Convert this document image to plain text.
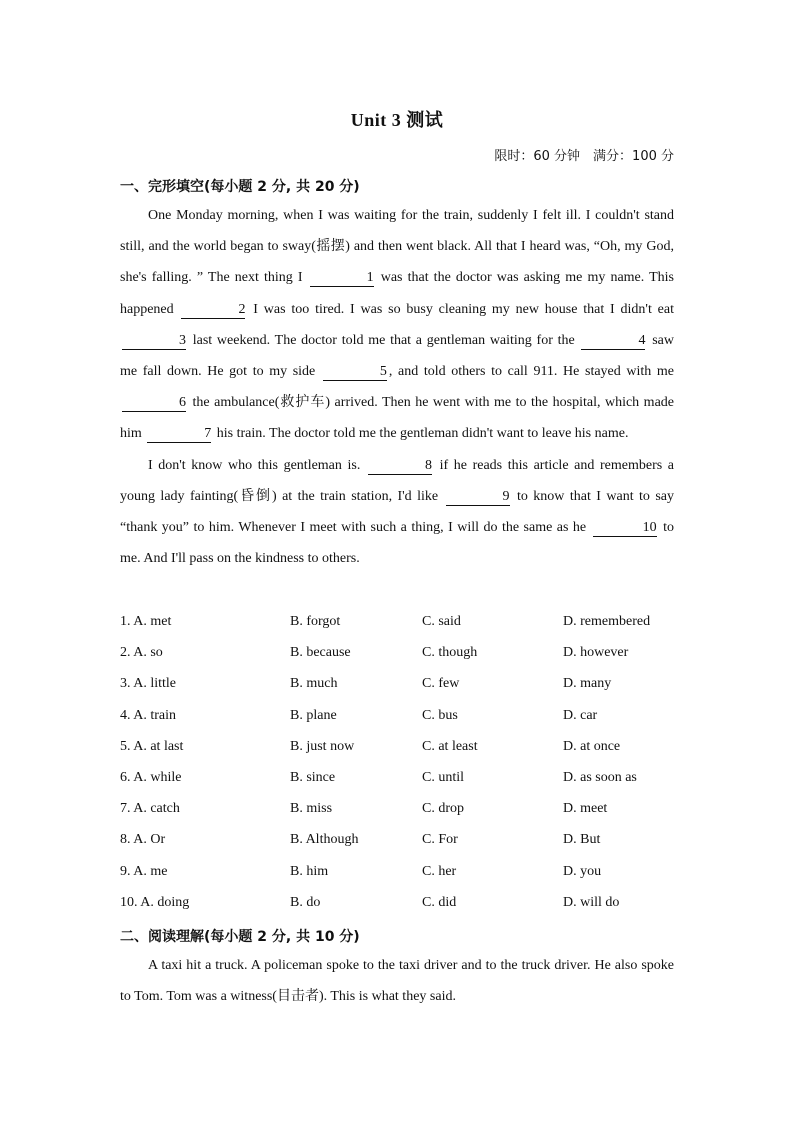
Unit 3 测试
限时：60 分钟　满分：100 分
一、完形填空(每小题 2 分, 共 20 分)

One Monday morning, when I was waiting for the train, suddenly I felt ill. I couldn't stand still, and the world began to sway(摇摆) and then went black. All that I heard was, “Oh, my God, she's falling. ” The next thing I	1 was that the doctor was asking me my name. This happened	2 I was too tired. I was so busy cleaning my new house that I didn't eat 3 last weekend. The doctor told me that a gentleman waiting for the	4 saw me fall down. He got to my side	5 , and told others to call 911. He stayed with me 6 the ambulance(救护车) arrived. Then he went with me to the hospital, which made him	7 his train. The doctor told me the gentleman didn't want to leave his name.

I don't know who this gentleman is.	8 if he reads this article and remembers a young lady fainting(昏倒) at the train station, I'd like	9 to know that I want to say “thank you” to him. Whenever I meet with such a thing, I will do the same as he	10 to me. And I'll pass on the kindness to others.

1. A. met	B. forgot	C. said	D. remembered
2. A. so	B. because	C. though	D. however
3. A. little	B. much	C. few	D. many
4. A. train	B. plane	C. bus	D. car
5. A. at last	B. just now	C. at least	D. at once
6. A. while	B. since	C. until	D. as soon as
7. A. catch	B. miss	C. drop	D. meet
8. A. Or	B. Although	C. For	D. But
9. A. me	B. him	C. her	D. you
10. A. doing	B. do	C. did	D. will do
二、阅读理解(每小题 2 分, 共 10 分)

A taxi hit a truck. A policeman spoke to the taxi driver and to the truck driver. He also spoke to Tom. Tom was a witness(目击者). This is what they said.
